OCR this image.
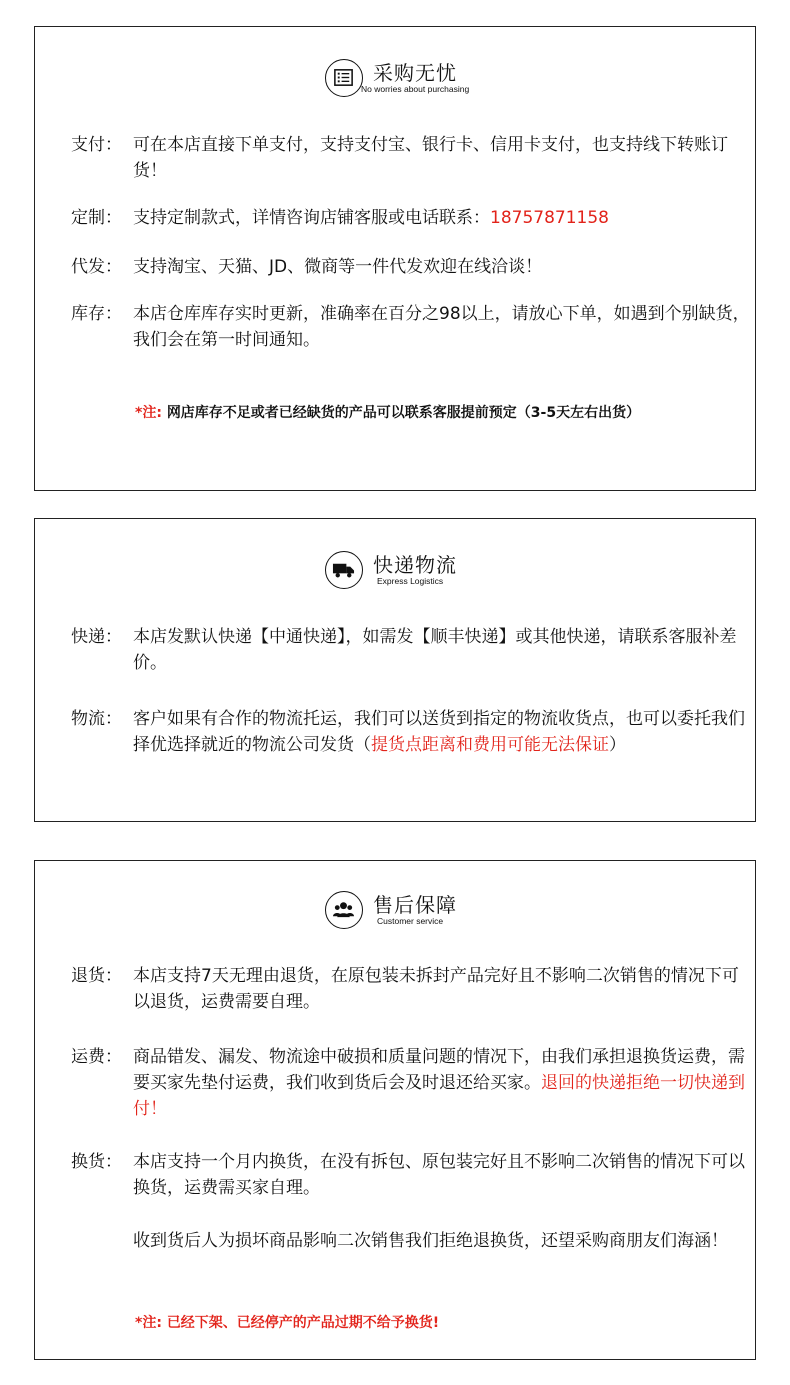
采购无忧
No worries about purchasing
支付： 可在本店直接下单支付，支持支付宝、银行卡、信用卡支付，也支持线下转账订货！
定制： 支持定制款式，详情咨询店铺客服或电话联系：18757871158
代发： 支持淘宝、天猫、JD、微商等一件代发欢迎在线洽谈！
库存： 本店仓库库存实时更新，准确率在百分之98以上，请放心下单，如遇到个别缺货，我们会在第一时间通知。
*注: 网店库存不足或者已经缺货的产品可以联系客服提前预定（3-5天左右出货）
快递物流
Express Logistics
快递： 本店发默认快递【中通快递】，如需发【顺丰快递】或其他快递，请联系客服补差价。
物流： 客户如果有合作的物流托运，我们可以送货到指定的物流收货点，也可以委托我们择优选择就近的物流公司发货（提货点距离和费用可能无法保证）
售后保障
Customer service
退货： 本店支持7天无理由退货，在原包装未拆封产品完好且不影响二次销售的情况下可以退货，运费需要自理。
运费： 商品错发、漏发、物流途中破损和质量问题的情况下，由我们承担退换货运费，需要买家先垫付运费，我们收到货后会及时退还给买家。退回的快递拒绝一切快递到付！
换货： 本店支持一个月内换货，在没有拆包、原包装完好且不影响二次销售的情况下可以换货，运费需买家自理。
收到货后人为损坏商品影响二次销售我们拒绝退换货，还望采购商朋友们海涵！
*注: 已经下架、已经停产的产品过期不给予换货!
